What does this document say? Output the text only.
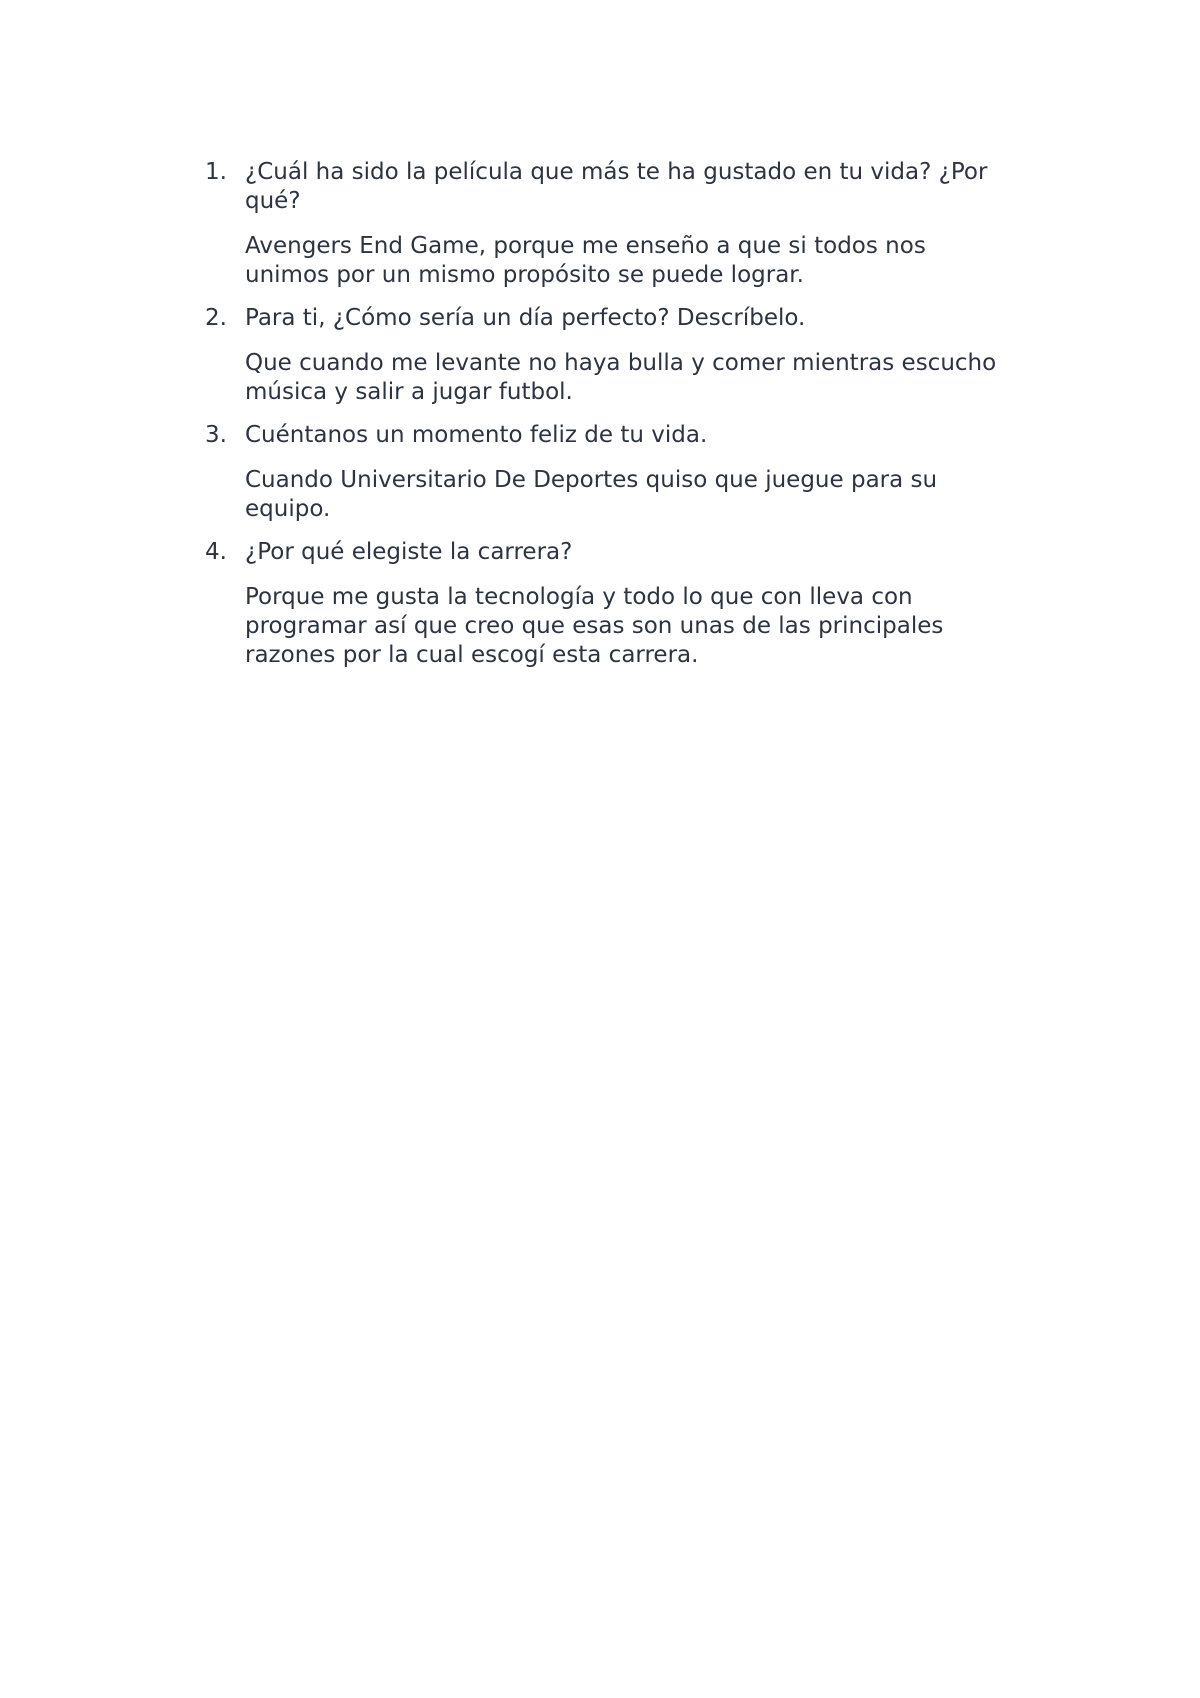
1. ¿Cuál ha sido la película que más te ha gustado en tu vida? ¿Por qué?

Avengers End Game, porque me enseño a que si todos nos unimos por un mismo propósito se puede lograr.

2. Para ti, ¿Cómo sería un día perfecto? Descríbelo.

Que cuando me levante no haya bulla y comer mientras escucho música y salir a jugar futbol.

3. Cuéntanos un momento feliz de tu vida.

Cuando Universitario De Deportes quiso que juegue para su equipo.

4. ¿Por qué elegiste la carrera?

Porque me gusta la tecnología y todo lo que con lleva con programar así que creo que esas son unas de las principales razones por la cual escogí esta carrera.
